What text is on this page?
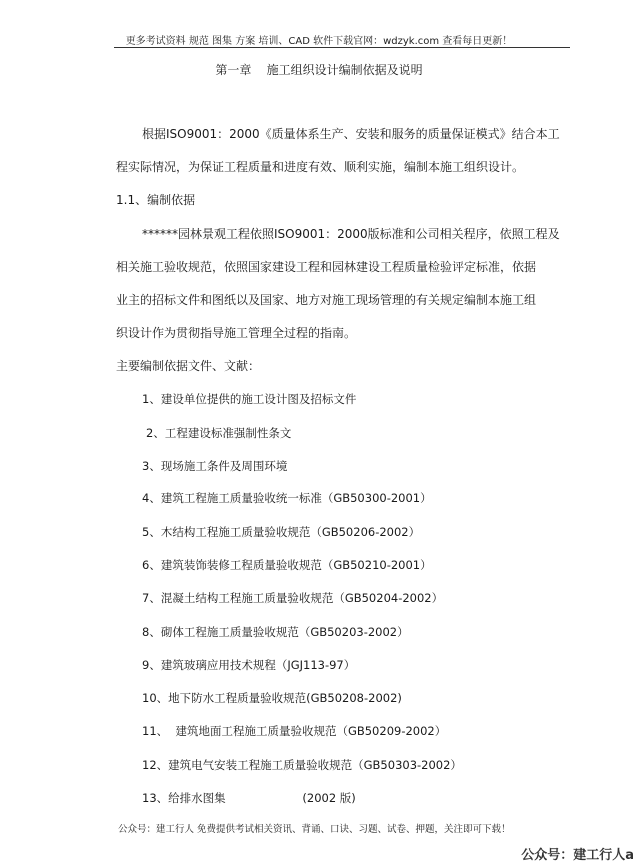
更多考试资料 规范 图集 方案 培训、CAD 软件下载官网：wdzyk.com 查看每日更新！
第一章    施工组织设计编制依据及说明
根据ISO9001：2000《质量体系生产、安装和服务的质量保证模式》结合本工
程实际情况，为保证工程质量和进度有效、顺利实施，编制本施工组织设计。
1.1、编制依据
******园林景观工程依照ISO9001：2000版标准和公司相关程序，依照工程及
相关施工验收规范，依照国家建设工程和园林建设工程质量检验评定标准，依据
业主的招标文件和图纸以及国家、地方对施工现场管理的有关规定编制本施工组
织设计作为贯彻指导施工管理全过程的指南。
主要编制依据文件、文献：
1、建设单位提供的施工设计图及招标文件
2、工程建设标准强制性条文
3、现场施工条件及周围环境
4、建筑工程施工质量验收统一标准（GB50300-2001）
5、木结构工程施工质量验收规范（GB50206-2002）
6、建筑装饰装修工程质量验收规范（GB50210-2001）
7、混凝土结构工程施工质量验收规范（GB50204-2002）
8、砌体工程施工质量验收规范（GB50203-2002）
9、建筑玻璃应用技术规程（JGJ113-97）
10、地下防水工程质量验收规范(GB50208-2002)
11、  建筑地面工程施工质量验收规范（GB50209-2002）
12、建筑电气安装工程施工质量验收规范（GB50303-2002）
13、给排水图集                     (2002 版)
公众号：建工行人 免费提供考试相关资讯、背诵、口诀、习题、试卷、押题，关注即可下载！
公众号：建工行人a
